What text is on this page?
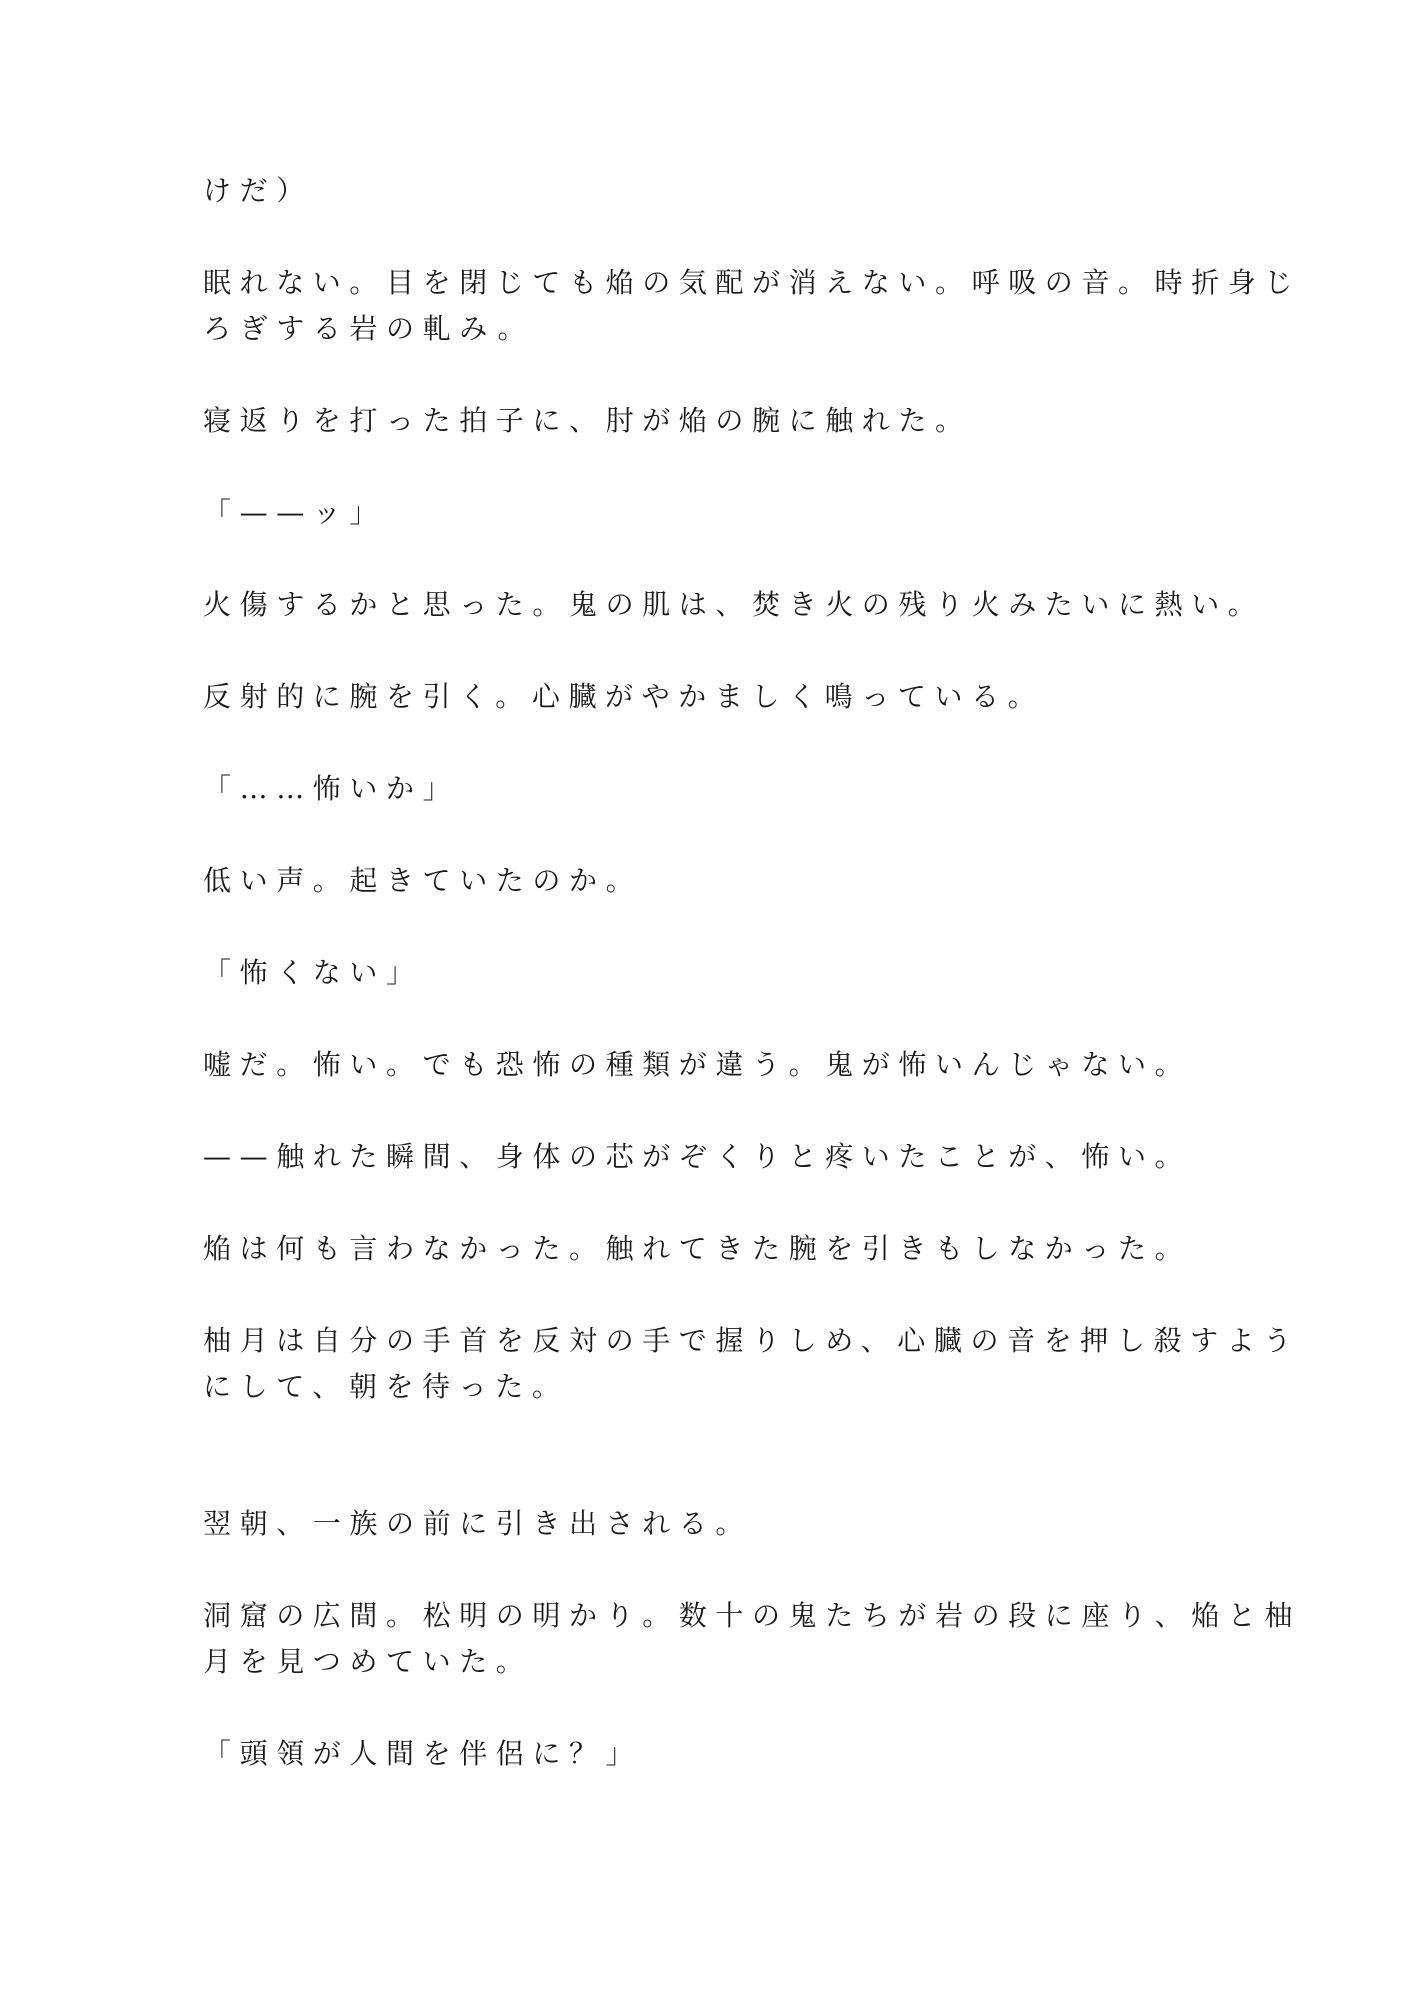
けだ）

眠れない。目を閉じても焔の気配が消えない。呼吸の音。時折身じ
ろぎする岩の軋み。

寝返りを打った拍子に、肘が焔の腕に触れた。

「——ッ」

火傷するかと思った。鬼の肌は、焚き火の残り火みたいに熱い。

反射的に腕を引く。心臓がやかましく鳴っている。

「……怖いか」

低い声。起きていたのか。

「怖くない」

嘘だ。怖い。でも恐怖の種類が違う。鬼が怖いんじゃない。

——触れた瞬間、身体の芯がぞくりと疼いたことが、怖い。

焔は何も言わなかった。触れてきた腕を引きもしなかった。

柚月は自分の手首を反対の手で握りしめ、心臓の音を押し殺すよう
にして、朝を待った。

翌朝、一族の前に引き出される。

洞窟の広間。松明の明かり。数十の鬼たちが岩の段に座り、焔と柚
月を見つめていた。

「頭領が人間を伴侶に？」
